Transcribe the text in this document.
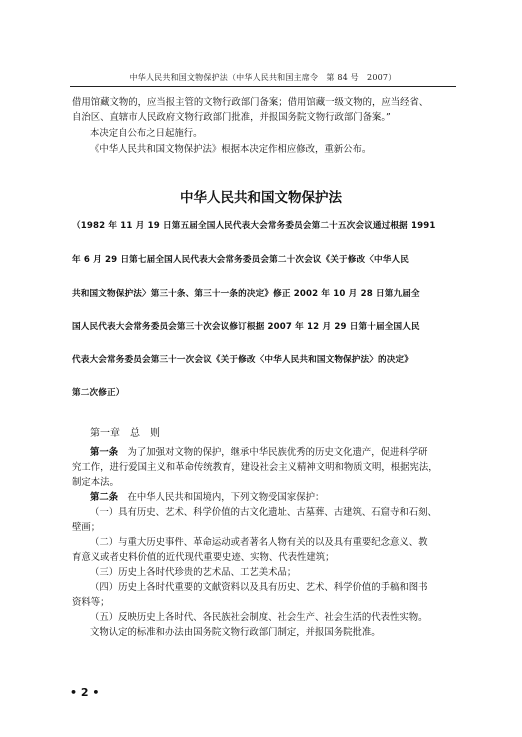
中华人民共和国文物保护法（中华人民共和国主席令　第 84 号　2007）
借用馆藏文物的，应当报主管的文物行政部门备案；借用馆藏一级文物的，应当经省、
自治区、直辖市人民政府文物行政部门批准，并报国务院文物行政部门备案。”
本决定自公布之日起施行。
《中华人民共和国文物保护法》根据本决定作相应修改，重新公布。
中华人民共和国文物保护法
（1982 年 11 月 19 日第五届全国人民代表大会常务委员会第二十五次会议通过根据 1991
年 6 月 29 日第七届全国人民代表大会常务委员会第二十次会议《关于修改〈中华人民
共和国文物保护法〉第三十条、第三十一条的决定》修正 2002 年 10 月 28 日第九届全
国人民代表大会常务委员会第三十次会议修订根据 2007 年 12 月 29 日第十届全国人民
代表大会常务委员会第三十一次会议《关于修改〈中华人民共和国文物保护法〉的决定》
第二次修正）
第一章　总　则
第一条　为了加强对文物的保护，继承中华民族优秀的历史文化遗产，促进科学研
究工作，进行爱国主义和革命传统教育，建设社会主义精神文明和物质文明，根据宪法，
制定本法。
第二条　在中华人民共和国境内，下列文物受国家保护：
（一）具有历史、艺术、科学价值的古文化遗址、古墓葬、古建筑、石窟寺和石刻、
壁画；
（二）与重大历史事件、革命运动或者著名人物有关的以及具有重要纪念意义、教
育意义或者史料价值的近代现代重要史迹、实物、代表性建筑；
（三）历史上各时代珍贵的艺术品、工艺美术品；
（四）历史上各时代重要的文献资料以及具有历史、艺术、科学价值的手稿和图书
资料等；
（五）反映历史上各时代、各民族社会制度、社会生产、社会生活的代表性实物。
文物认定的标准和办法由国务院文物行政部门制定，并报国务院批准。
• 2 •
